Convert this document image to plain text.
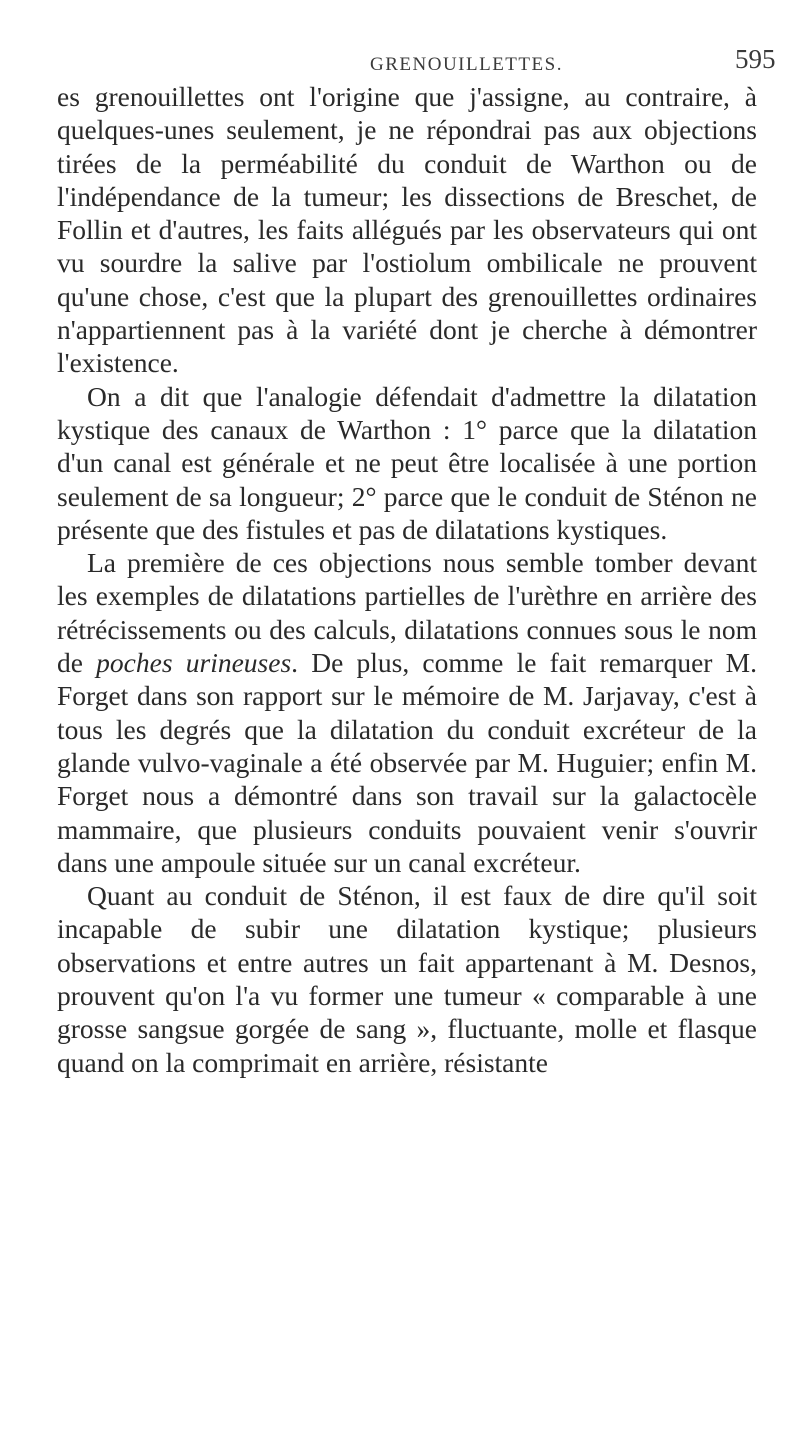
GRENOUILLETTES.	595

es grenouillettes ont l'origine que j'assigne, au contraire, à quelques-unes seulement, je ne répondrai pas aux objections tirées de la perméabilité du conduit de Warthon ou de l'indépendance de la tumeur; les dissections de Breschet, de Follin et d'autres, les faits allégués par les observateurs qui ont vu sourdre la salive par l'ostiolum ombilicale ne prouvent qu'une chose, c'est que la plupart des grenouillettes ordinaires n'appartiennent pas à la variété dont je cherche à démontrer l'existence.

On a dit que l'analogie défendait d'admettre la dilatation kystique des canaux de Warthon : 1° parce que la dilatation d'un canal est générale et ne peut être localisée à une portion seulement de sa longueur; 2° parce que le conduit de Sténon ne présente que des fistules et pas de dilatations kystiques.

La première de ces objections nous semble tomber devant les exemples de dilatations partielles de l'urèthre en arrière des rétrécissements ou des calculs, dilatations connues sous le nom de poches urineuses. De plus, comme le fait remarquer M. Forget dans son rapport sur le mémoire de M. Jarjavay, c'est à tous les degrés que la dilatation du conduit excréteur de la glande vulvo-vaginale a été observée par M. Huguier; enfin M. Forget nous a démontré dans son travail sur la galactocèle mammaire, que plusieurs conduits pouvaient venir s'ouvrir dans une ampoule située sur un canal excréteur.

Quant au conduit de Sténon, il est faux de dire qu'il soit incapable de subir une dilatation kystique; plusieurs observations et entre autres un fait appartenant à M. Desnos, prouvent qu'on l'a vu former une tumeur « comparable à une grosse sangsue gorgée de sang », fluctuante, molle et flasque quand on la comprimait en arrière, résistante
